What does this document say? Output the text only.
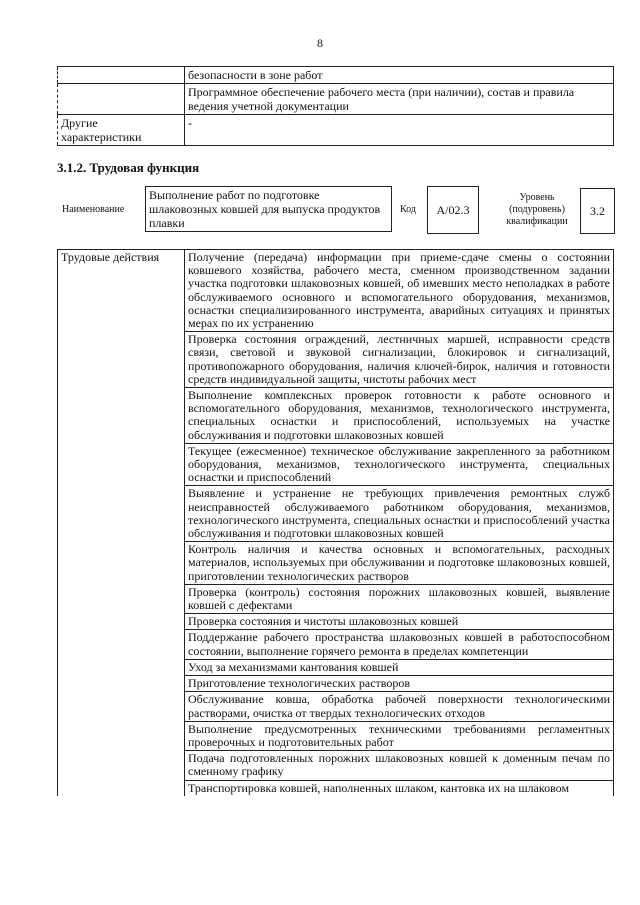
8
	безопасности в зоне работ
	Программное обеспечение рабочего места (при наличии), состав и правила ведения учетной документации
Другие характеристики	-
3.1.2. Трудовая функция
Наименование
Выполнение работ по подготовке шлаковозных ковшей для выпуска продуктов плавки
Код A/02.3
Уровень (подуровень) квалификации
3.2
Трудовые действия	Получение (передача) информации при приеме-сдаче смены о состоянии ковшевого хозяйства, рабочего места, сменном производственном задании участка подготовки шлаковозных ковшей, об имевших место неполадках в работе обслуживаемого основного и вспомогательного оборудования, механизмов, оснастки специализированного инструмента, аварийных ситуациях и принятых мерах по их устранению
Проверка состояния ограждений, лестничных маршей, исправности средств связи, световой и звуковой сигнализации, блокировок и сигнализаций, противопожарного оборудования, наличия ключей-бирок, наличия и готовности средств индивидуальной защиты, чистоты рабочих мест
Выполнение комплексных проверок готовности к работе основного и вспомогательного оборудования, механизмов, технологического инструмента, специальных оснастки и приспособлений, используемых на участке обслуживания и подготовки шлаковозных ковшей
Текущее (ежесменное) техническое обслуживание закрепленного за работником оборудования, механизмов, технологического инструмента, специальных оснастки и приспособлений
Выявление и устранение не требующих привлечения ремонтных служб неисправностей обслуживаемого работником оборудования, механизмов, технологического инструмента, специальных оснастки и приспособлений участка обслуживания и подготовки шлаковозных ковшей
Контроль наличия и качества основных и вспомогательных, расходных материалов, используемых при обслуживании и подготовке шлаковозных ковшей, приготовлении технологических растворов
Проверка (контроль) состояния порожних шлаковозных ковшей, выявление ковшей с дефектами
Проверка состояния и чистоты шлаковозных ковшей
Поддержание рабочего пространства шлаковозных ковшей в работоспособном состоянии, выполнение горячего ремонта в пределах компетенции
Уход за механизмами кантования ковшей
Приготовление технологических растворов
Обслуживание ковша, обработка рабочей поверхности технологическими растворами, очистка от твердых технологических отходов
Выполнение предусмотренных техническими требованиями регламентных проверочных и подготовительных работ
Подача подготовленных порожних шлаковозных ковшей к доменным печам по сменному графику
Транспортировка ковшей, наполненных шлаком, кантовка их на шлаковом
